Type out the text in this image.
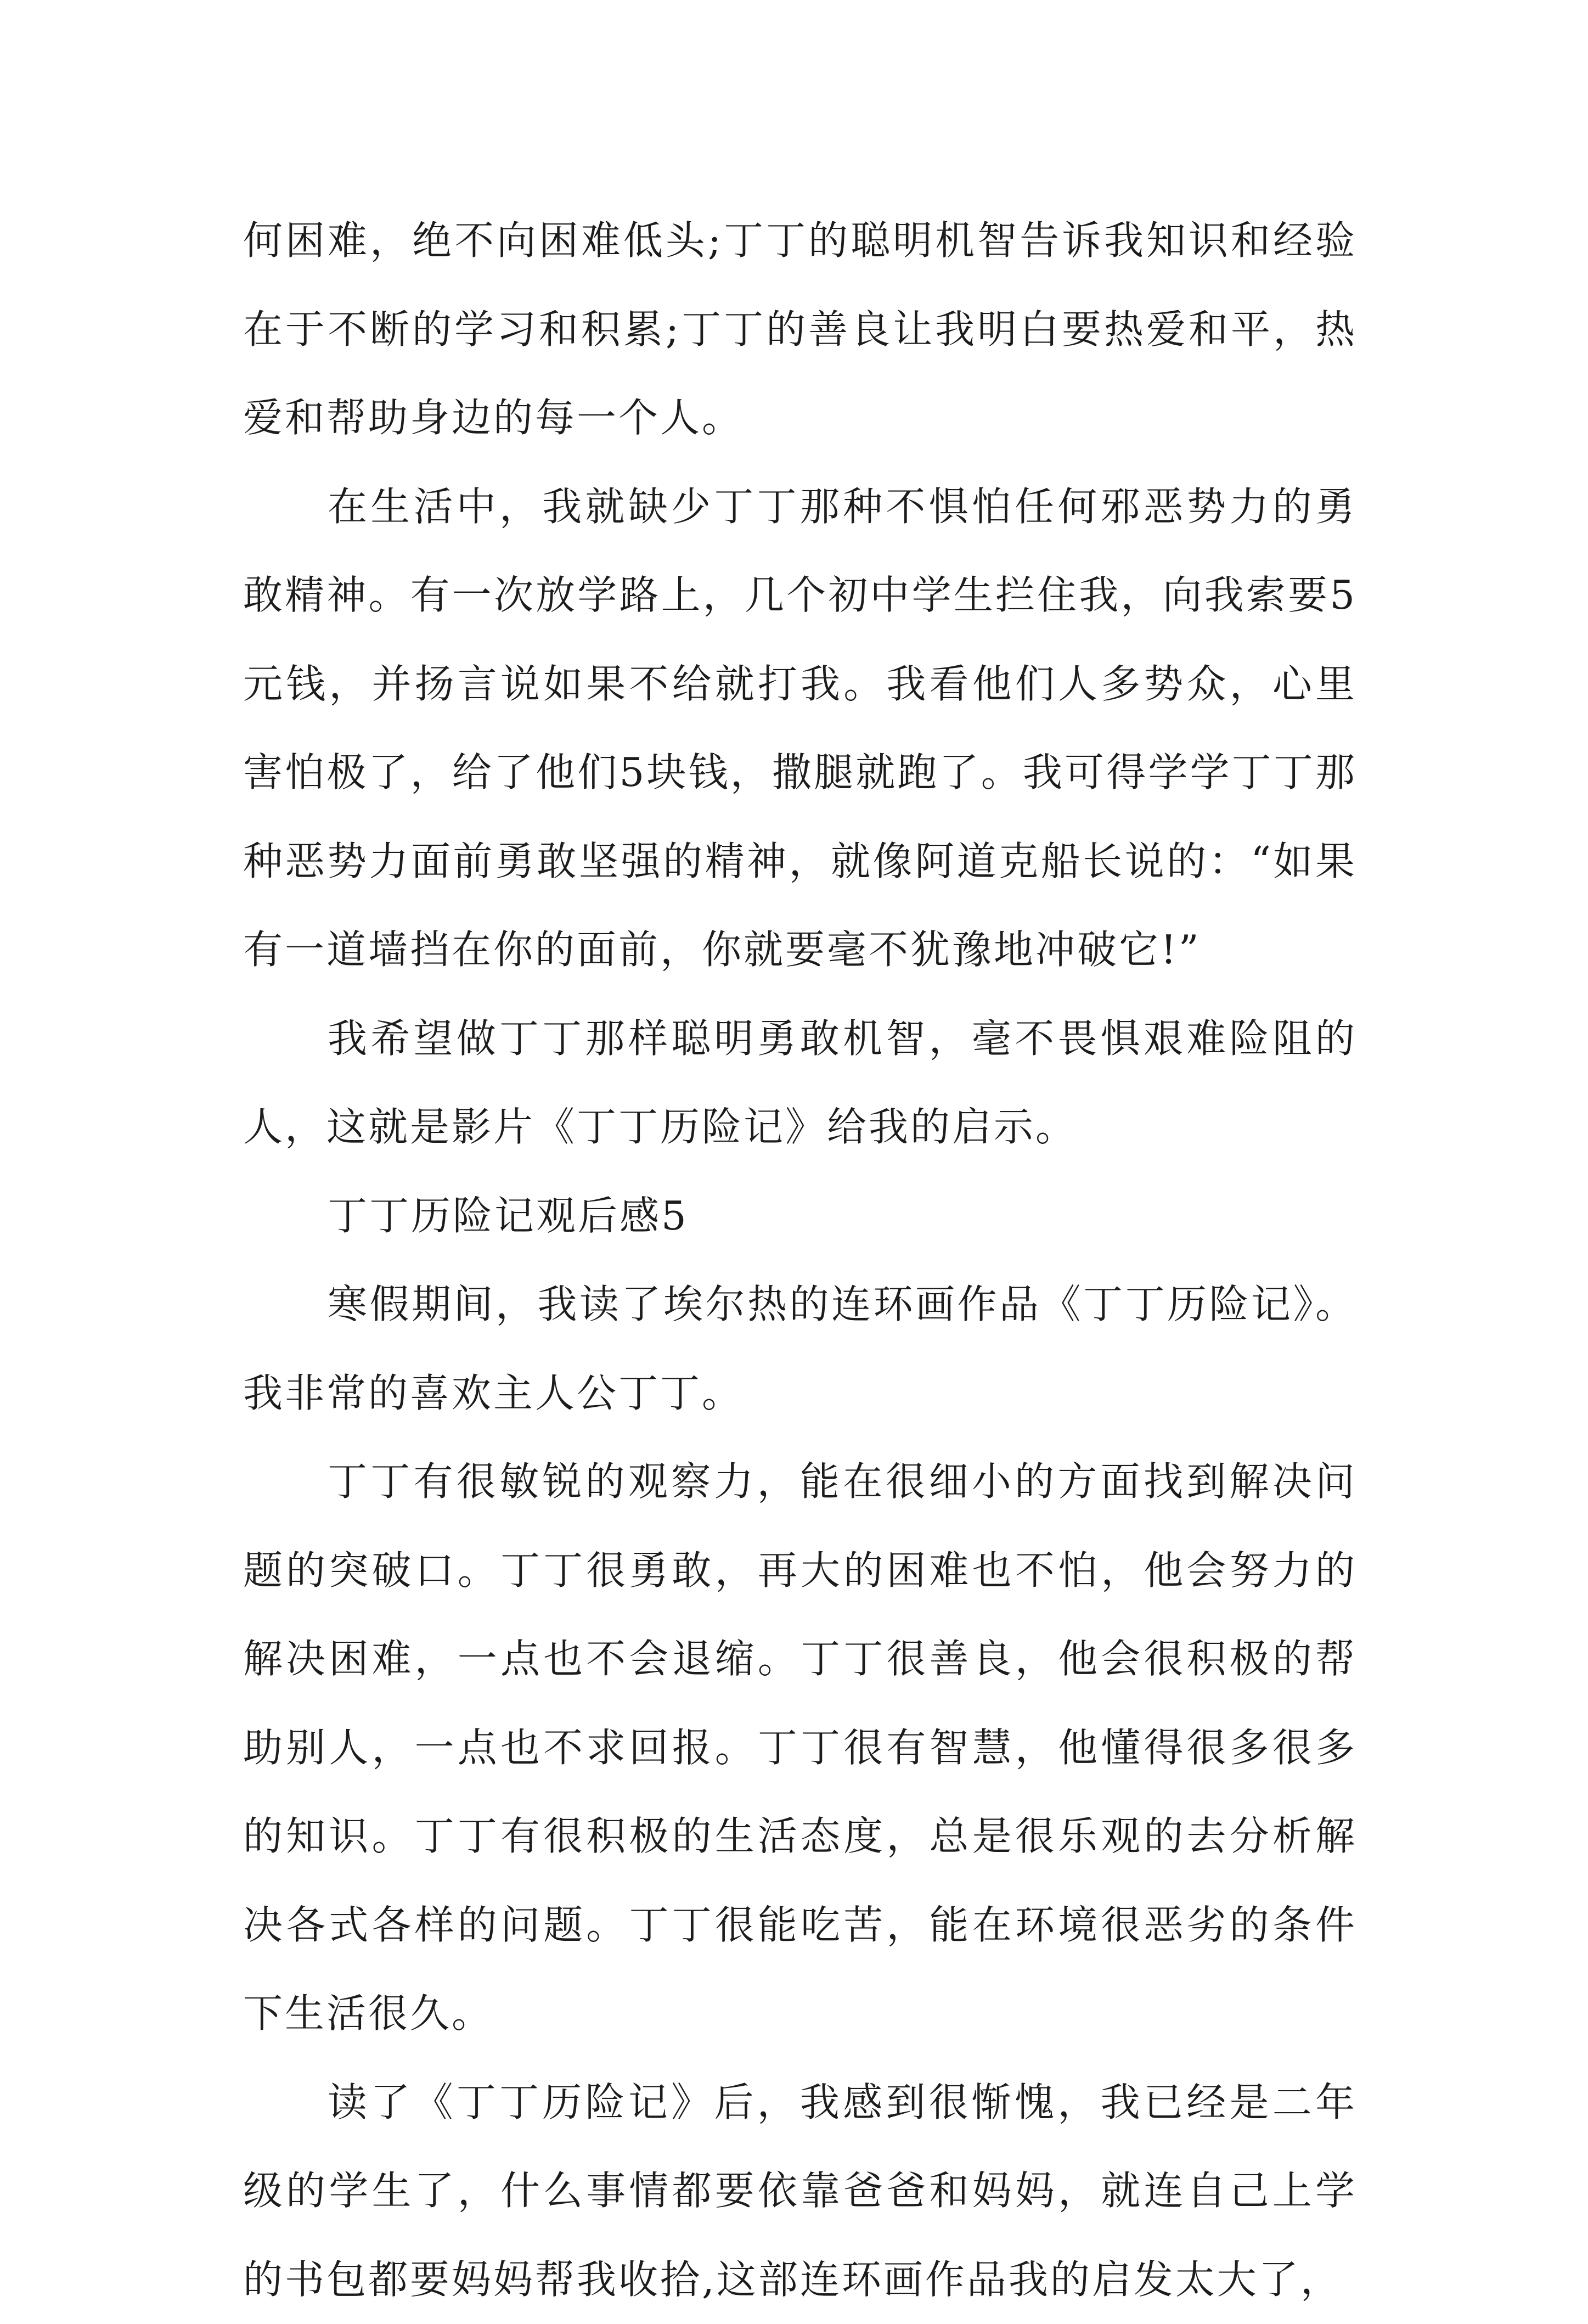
何困难，绝不向困难低头;丁丁的聪明机智告诉我知识和经验在于不断的学习和积累;丁丁的善良让我明白要热爱和平，热爱和帮助身边的每一个人。

在生活中，我就缺少丁丁那种不惧怕任何邪恶势力的勇敢精神。有一次放学路上，几个初中学生拦住我，向我索要5元钱，并扬言说如果不给就打我。我看他们人多势众，心里害怕极了，给了他们5块钱，撒腿就跑了。我可得学学丁丁那种恶势力面前勇敢坚强的精神，就像阿道克船长说的：“如果有一道墙挡在你的面前，你就要毫不犹豫地冲破它!”

我希望做丁丁那样聪明勇敢机智，毫不畏惧艰难险阻的人，这就是影片《丁丁历险记》给我的启示。

丁丁历险记观后感5

寒假期间，我读了埃尔热的连环画作品《丁丁历险记》。我非常的喜欢主人公丁丁。

丁丁有很敏锐的观察力，能在很细小的方面找到解决问题的突破口。丁丁很勇敢，再大的困难也不怕，他会努力的解决困难，一点也不会退缩。丁丁很善良，他会很积极的帮助别人，一点也不求回报。丁丁很有智慧，他懂得很多很多的知识。丁丁有很积极的生活态度，总是很乐观的去分析解决各式各样的问题。丁丁很能吃苦，能在环境很恶劣的条件下生活很久。

读了《丁丁历险记》后，我感到很惭愧，我已经是二年级的学生了，什么事情都要依靠爸爸和妈妈，就连自己上学的书包都要妈妈帮我收拾,这部连环画作品我的启发太大了，
